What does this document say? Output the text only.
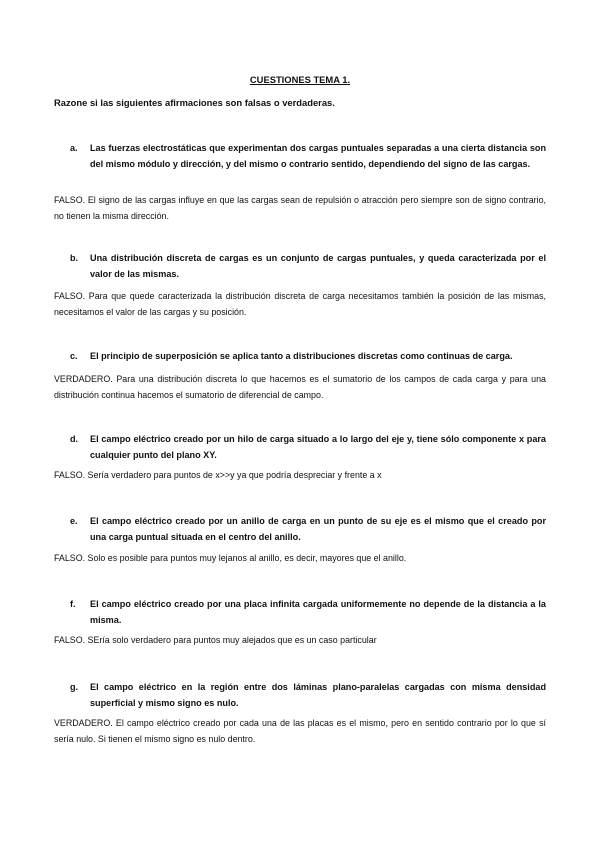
CUESTIONES TEMA 1.
Razone si las siguientes afirmaciones son falsas o verdaderas.
a.	Las fuerzas electrostáticas que experimentan dos cargas puntuales separadas a una cierta distancia son del mismo módulo y dirección, y del mismo o contrario sentido, dependiendo del signo de las cargas.
FALSO. El signo de las cargas influye en que las cargas sean de repulsión o atracción pero siempre son de signo contrario, no tienen la misma dirección.
b.	Una distribución discreta de cargas es un conjunto de cargas puntuales, y queda caracterizada por el valor de las mismas.
FALSO. Para que quede caracterizada la distribución discreta de carga necesitamos también la posición de las mismas, necesitamos el valor de las cargas y su posición.
c.	El principio de superposición se aplica tanto a distribuciones discretas como continuas de carga.
VERDADERO. Para una distribución discreta lo que hacemos es el sumatorio de los campos de cada carga y para una distribución continua hacemos el sumatorio de diferencial de campo.
d.	El campo eléctrico creado por un hilo de carga situado a lo largo del eje y, tiene sólo componente x para cualquier punto del plano XY.
FALSO. Sería verdadero para puntos de x>>y ya que podría despreciar y frente a x
e.	El campo eléctrico creado por un anillo de carga en un punto de su eje es el mismo que el creado por una carga puntual situada en el centro del anillo.
FALSO. Solo es posible para puntos muy lejanos al anillo, es decir, mayores que el anillo.
f.	El campo eléctrico creado por una placa infinita cargada uniformemente no depende de la distancia a la misma.
FALSO. SEría solo verdadero para puntos muy alejados que es un caso particular
g.	El campo eléctrico en la región entre dos láminas plano-paralelas cargadas con misma densidad superficial y mismo signo es nulo.
VERDADERO. El campo eléctrico creado por cada una de las placas es el mismo, pero en sentido contrario por lo que sí sería nulo. Si tienen el mismo signo es nulo dentro.
